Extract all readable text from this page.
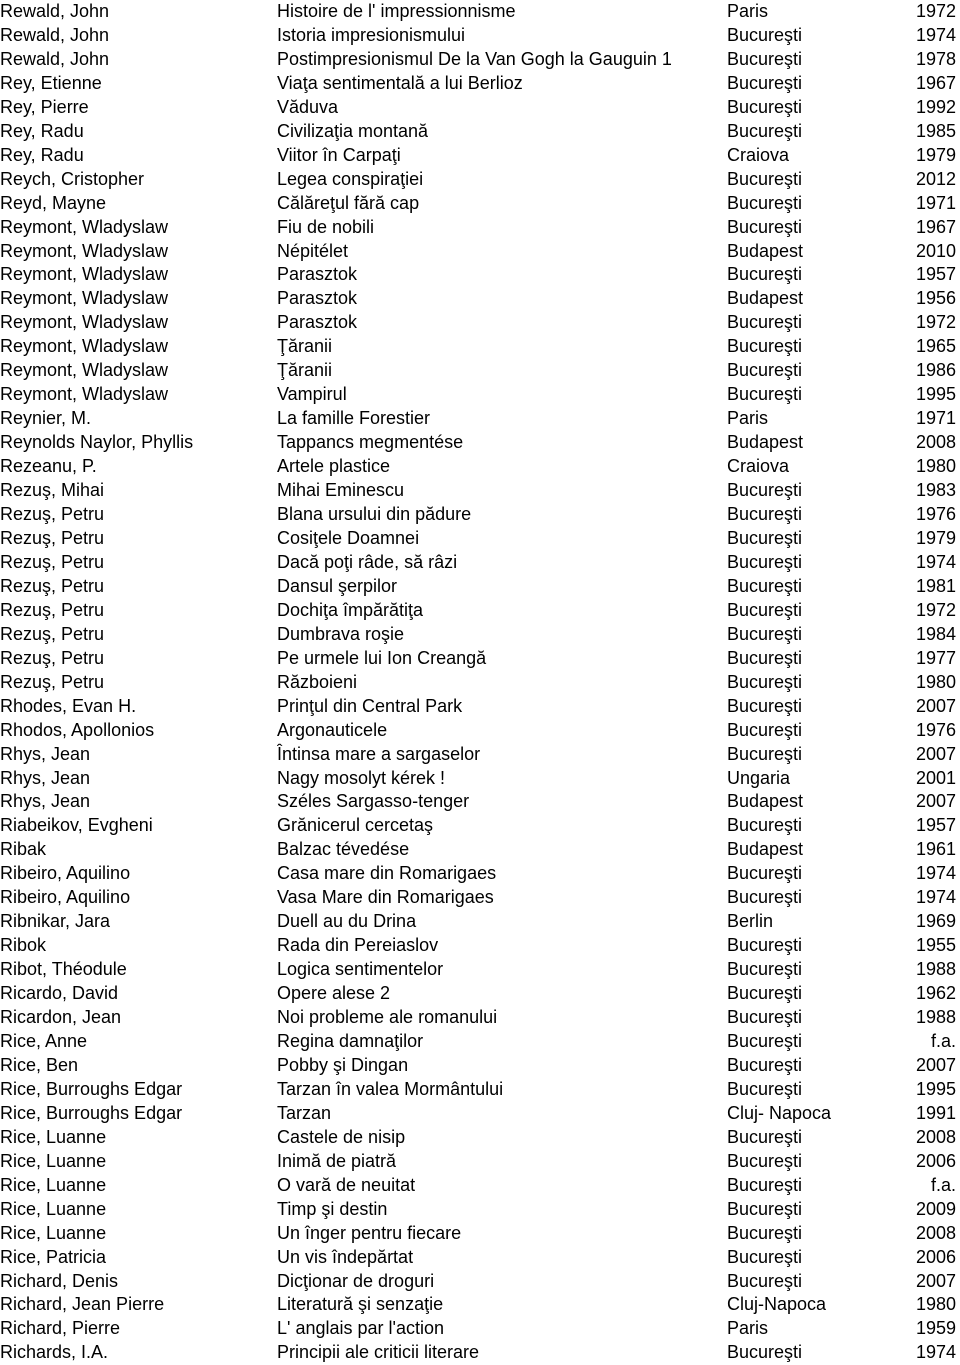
Rewald, John	Histoire de l' impressionnisme	Paris	1972
Rewald, John	Istoria impresionismului	Bucureşti	1974
Rewald, John	Postimpresionismul De la Van Gogh la Gauguin 1	Bucureşti	1978
Rey, Etienne	Viaţa sentimentală a lui Berlioz	Bucureşti	1967
Rey, Pierre	Văduva	Bucureşti	1992
Rey, Radu	Civilizaţia montană	Bucureşti	1985
Rey, Radu	Viitor în Carpaţi	Craiova	1979
Reych, Cristopher	Legea conspiraţiei	Bucureşti	2012
Reyd, Mayne	Călăreţul fără cap	Bucureşti	1971
Reymont, Wladyslaw	Fiu de nobili	Bucureşti	1967
Reymont, Wladyslaw	Népitélet	Budapest	2010
Reymont, Wladyslaw	Parasztok	Bucureşti	1957
Reymont, Wladyslaw	Parasztok	Budapest	1956
Reymont, Wladyslaw	Parasztok	Bucureşti	1972
Reymont, Wladyslaw	Ţăranii	Bucureşti	1965
Reymont, Wladyslaw	Ţăranii	Bucureşti	1986
Reymont, Wladyslaw	Vampirul	Bucureşti	1995
Reynier, M.	La famille Forestier	Paris	1971
Reynolds Naylor, Phyllis	Tappancs megmentése	Budapest	2008
Rezeanu, P.	Artele plastice	Craiova	1980
Rezuş, Mihai	Mihai Eminescu	Bucureşti	1983
Rezuş, Petru	Blana ursului din pădure	Bucureşti	1976
Rezuş, Petru	Cosiţele Doamnei	Bucureşti	1979
Rezuş, Petru	Dacă poţi râde, să râzi	Bucureşti	1974
Rezuş, Petru	Dansul şerpilor	Bucureşti	1981
Rezuş, Petru	Dochiţa împărătiţa	Bucureşti	1972
Rezuş, Petru	Dumbrava roşie	Bucureşti	1984
Rezuş, Petru	Pe urmele lui Ion Creangă	Bucureşti	1977
Rezuş, Petru	Războieni	Bucureşti	1980
Rhodes, Evan H.	Prinţul din Central Park	Bucureşti	2007
Rhodos, Apollonios	Argonauticele	Bucureşti	1976
Rhys, Jean	Întinsa mare a sargaselor	Bucureşti	2007
Rhys, Jean	Nagy mosolyt kérek !	Ungaria	2001
Rhys, Jean	Széles Sargasso-tenger	Budapest	2007
Riabeikov, Evgheni	Grănicerul cercetaş	Bucureşti	1957
Ribak	Balzac tévedése	Budapest	1961
Ribeiro, Aquilino	Casa mare din Romarigaes	Bucureşti	1974
Ribeiro, Aquilino	Vasa Mare din Romarigaes	Bucureşti	1974
Ribnikar, Jara	Duell au du Drina	Berlin	1969
Ribok	Rada din Pereiaslov	Bucureşti	1955
Ribot, Théodule	Logica sentimentelor	Bucureşti	1988
Ricardo, David	Opere alese 2	Bucureşti	1962
Ricardon, Jean	Noi probleme ale romanului	Bucureşti	1988
Rice, Anne	Regina damnaţilor	Bucureşti	f.a.
Rice, Ben	Pobby şi Dingan	Bucureşti	2007
Rice, Burroughs Edgar	Tarzan în valea Mormântului	Bucureşti	1995
Rice, Burroughs Edgar	Tarzan	Cluj- Napoca	1991
Rice, Luanne	Castele de nisip	Bucureşti	2008
Rice, Luanne	Inimă de piatră	Bucureşti	2006
Rice, Luanne	O vară de neuitat	Bucureşti	f.a.
Rice, Luanne	Timp şi destin	Bucureşti	2009
Rice, Luanne	Un înger pentru fiecare	Bucureşti	2008
Rice, Patricia	Un vis îndepărtat	Bucureşti	2006
Richard, Denis	Dicţionar de droguri	Bucureşti	2007
Richard, Jean Pierre	Literatură şi senzaţie	Cluj-Napoca	1980
Richard, Pierre	L' anglais par l'action	Paris	1959
Richards, I.A.	Principii ale criticii literare	Bucureşti	1974
